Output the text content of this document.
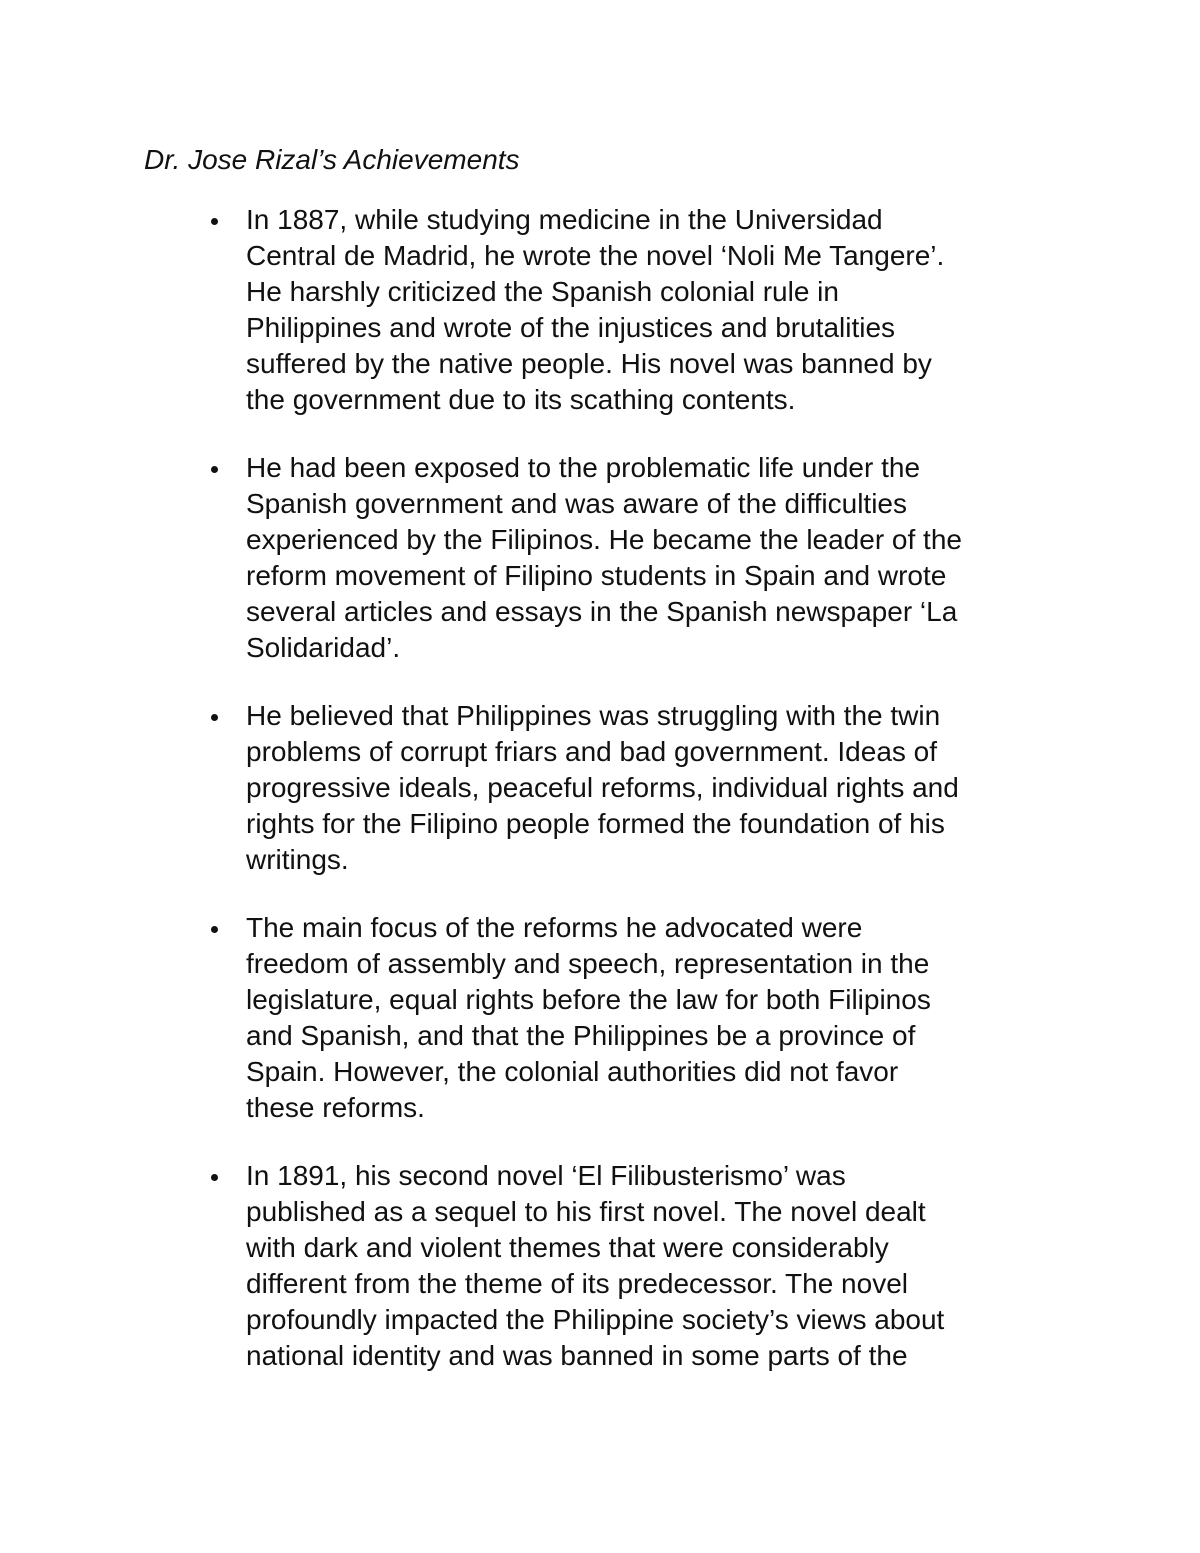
Dr. Jose Rizal’s Achievements

In 1887, while studying medicine in the Universidad

Central de Madrid, he wrote the novel ‘Noli Me Tangere’.

He harshly criticized the Spanish colonial rule in

Philippines and wrote of the injustices and brutalities

suffered by the native people. His novel was banned by

the government due to its scathing contents.

He had been exposed to the problematic life under the

Spanish government and was aware of the difficulties

experienced by the Filipinos. He became the leader of the

reform movement of Filipino students in Spain and wrote

several articles and essays in the Spanish newspaper ‘La

Solidaridad’.

He believed that Philippines was struggling with the twin

problems of corrupt friars and bad government. Ideas of

progressive ideals, peaceful reforms, individual rights and

rights for the Filipino people formed the foundation of his

writings.

The main focus of the reforms he advocated were

freedom of assembly and speech, representation in the

legislature, equal rights before the law for both Filipinos

and Spanish, and that the Philippines be a province of

Spain. However, the colonial authorities did not favor

these reforms.

In 1891, his second novel ‘El Filibusterismo’ was

published as a sequel to his first novel. The novel dealt

with dark and violent themes that were considerably

different from the theme of its predecessor. The novel

profoundly impacted the Philippine society’s views about

national identity and was banned in some parts of the
